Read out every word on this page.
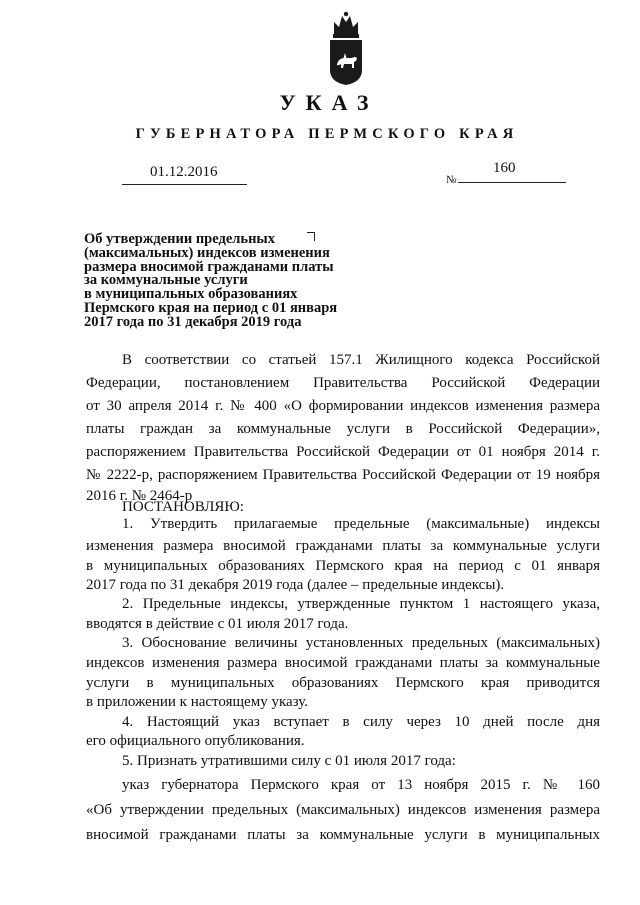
УКАЗ
ГУБЕРНАТОРА ПЕРМСКОГО КРАЯ
01.12.2016	№
160
Об утверждении предельных
(максимальных) индексов изменения
размера вносимой гражданами платы
за коммунальные услуги
в муниципальных образованиях
Пермского края на период с 01 января
2017 года по 31 декабря 2019 года
В соответствии со статьей 157.1 Жилищного кодекса Российской
Федерации, постановлением Правительства Российской Федерации
от 30 апреля 2014 г. № 400 «О формировании индексов изменения размера
платы граждан за коммунальные услуги в Российской Федерации»,
распоряжением Правительства Российской Федерации от 01 ноября 2014 г.
№ 2222-р, распоряжением Правительства Российской Федерации от 19 ноября
2016 г. № 2464-р
ПОСТАНОВЛЯЮ:
1. Утвердить прилагаемые предельные (максимальные) индексы
изменения размера вносимой гражданами платы за коммунальные услуги
в муниципальных образованиях Пермского края на период с 01 января
2017 года по 31 декабря 2019 года (далее – предельные индексы).
2. Предельные индексы, утвержденные пунктом 1 настоящего указа,
вводятся в действие с 01 июля 2017 года.
3. Обоснование величины установленных предельных (максимальных)
индексов изменения размера вносимой гражданами платы за коммунальные
услуги в муниципальных образованиях Пермского края приводится
в приложении к настоящему указу.
4. Настоящий указ вступает в силу через 10 дней после дня
его официального опубликования.
5. Признать утратившими силу с 01 июля 2017 года:
указ губернатора Пермского края от 13 ноября 2015 г. № 160
«Об утверждении предельных (максимальных) индексов изменения размера
вносимой гражданами платы за коммунальные услуги в муниципальных
